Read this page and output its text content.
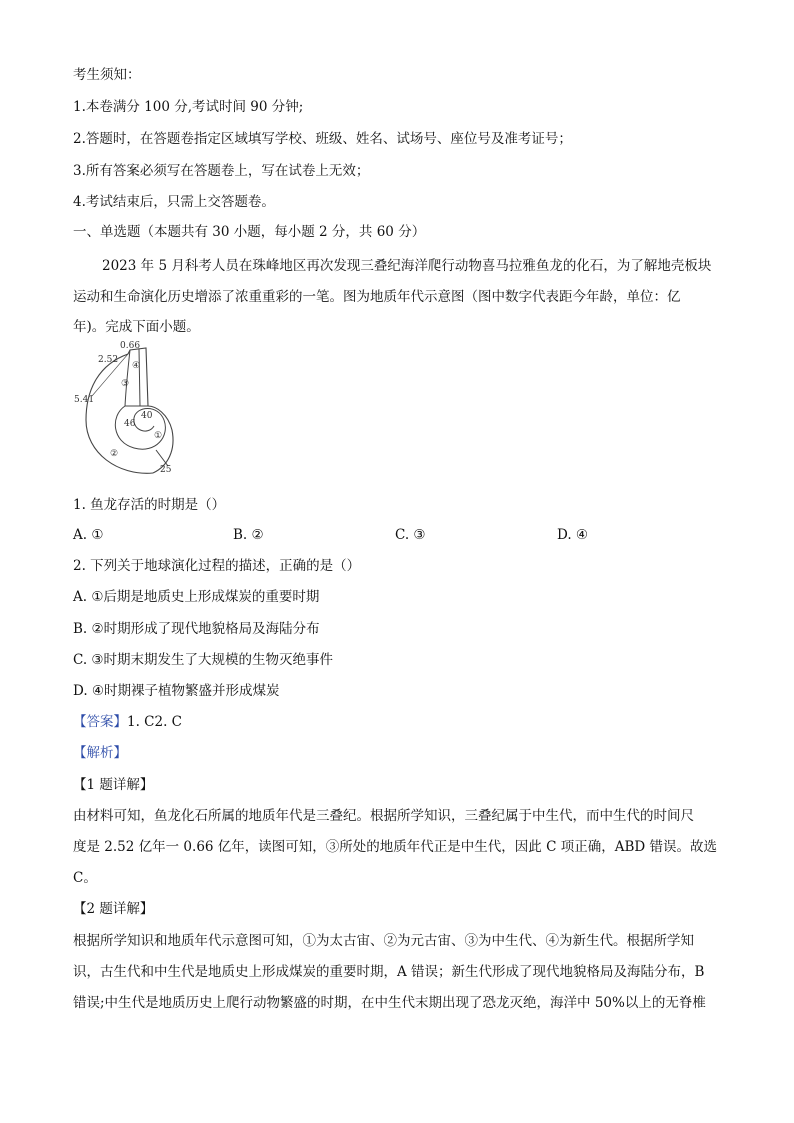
考生须知：
1.本卷满分 100 分,考试时间 90 分钟;
2.答题时，在答题卷指定区域填写学校、班级、姓名、试场号、座位号及准考证号；
3.所有答案必须写在答题卷上，写在试卷上无效；
4.考试结束后，只需上交答题卷。
一、单选题（本题共有 30 小题，每小题 2 分，共 60 分）
2023 年 5 月科考人员在珠峰地区再次发现三叠纪海洋爬行动物喜马拉雅鱼龙的化石，为了解地壳板块
运动和生命演化历史增添了浓重重彩的一笔。图为地质年代示意图（图中数字代表距今年龄，单位：亿
年)。完成下面小题。
0.66
2.52
5.41
40
46
25
①
②
③
④
1. 鱼龙存活的时期是（）
A. ①	B. ②	C. ③	D. ④
2. 下列关于地球演化过程的描述，正确的是（）
A. ①后期是地质史上形成煤炭的重要时期
B. ②时期形成了现代地貌格局及海陆分布
C. ③时期末期发生了大规模的生物灭绝事件
D. ④时期裸子植物繁盛并形成煤炭
【答案】1. C2. C
【解析】
【1 题详解】
由材料可知，鱼龙化石所属的地质年代是三叠纪。根据所学知识，三叠纪属于中生代，而中生代的时间尺
度是 2.52 亿年一 0.66 亿年，读图可知，③所处的地质年代正是中生代，因此 C 项正确，ABD 错误。故选
C。
【2 题详解】
根据所学知识和地质年代示意图可知，①为太古宙、②为元古宙、③为中生代、④为新生代。根据所学知
识，古生代和中生代是地质史上形成煤炭的重要时期，A 错误；新生代形成了现代地貌格局及海陆分布，B
错误;中生代是地质历史上爬行动物繁盛的时期，在中生代末期出现了恐龙灭绝，海洋中 50%以上的无脊椎
